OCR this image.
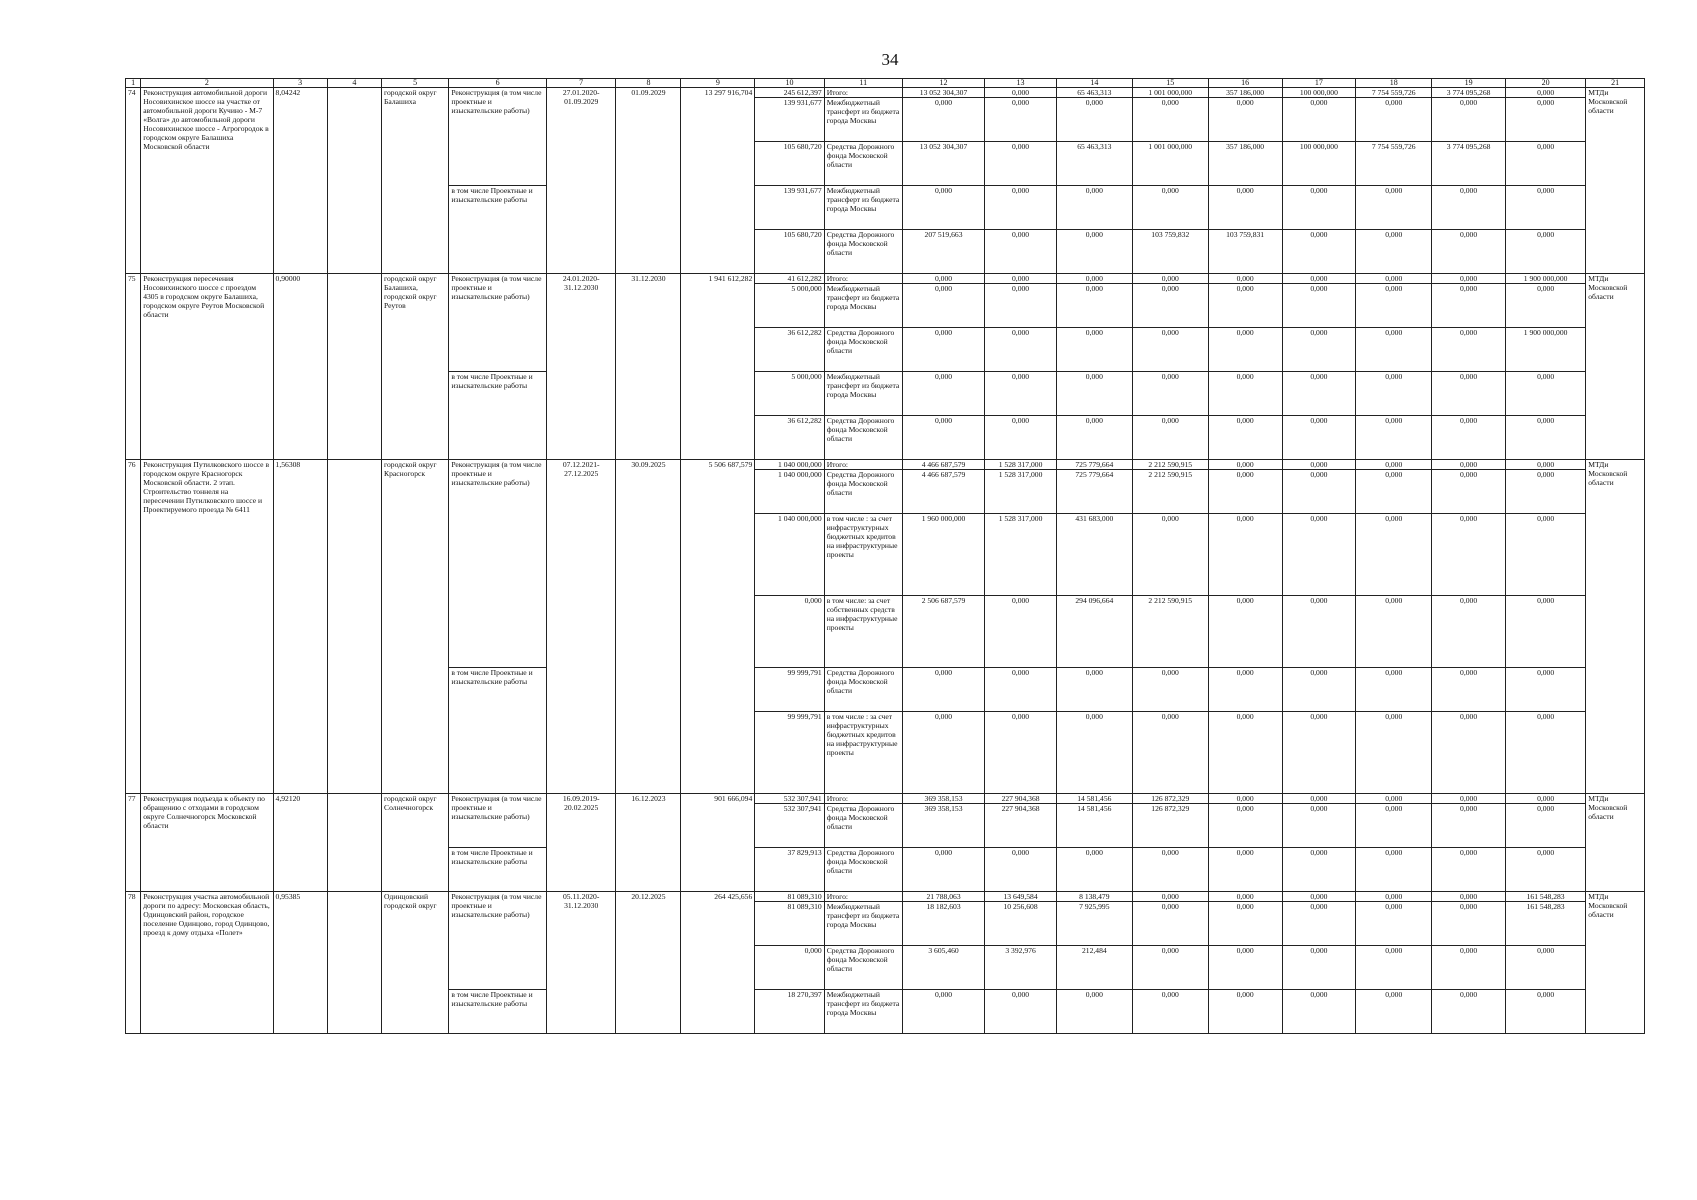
34
1	2	3	4	5	6	7	8	9	10	11	12	13	14	15	16	17	18	19	20	21
74	Реконструкция автомобильной дороги Носовихинское шоссе на участке от автомобильной дороги Кучино - М-7 «Волга» до автомобильной дороги Носовихинское шоссе - Агрогородок в городском округе Балашиха Московской области	8,04242		городской округ Балашиха	Реконструкция (в том числе проектные и изыскательские работы)	27.01.2020-01.09.2029	01.09.2029	13 297 916,704	245 612,397	Итого:	13 052 304,307	0,000	65 463,313	1 001 000,000	357 186,000	100 000,000	7 754 559,726	3 774 095,268	0,000	МТДи Московской области
									139 931,677	Межбюджетный трансферт из бюджета города Москвы	0,000	0,000	0,000	0,000	0,000	0,000	0,000	0,000	0,000	
									105 680,720	Средства Дорожного фонда Московской области	13 052 304,307	0,000	65 463,313	1 001 000,000	357 186,000	100 000,000	7 754 559,726	3 774 095,268	0,000	
					в том числе Проектные и изыскательские работы				139 931,677	Межбюджетный трансферт из бюджета города Москвы	0,000	0,000	0,000	0,000	0,000	0,000	0,000	0,000	0,000	
									105 680,720	Средства Дорожного фонда Московской области	207 519,663	0,000	0,000	103 759,832	103 759,831	0,000	0,000	0,000	0,000	
75	Реконструкция пересечения Носовихинского шоссе с проездом 4305 в городском округе Балашиха, городском округе Реутов Московской области	0,90000		городской округ Балашиха, городской округ Реутов	Реконструкция (в том числе проектные и изыскательские работы)	24.01.2020-31.12.2030	31.12.2030	1 941 612,282	41 612,282	Итого:	0,000	0,000	0,000	0,000	0,000	0,000	0,000	0,000	1 900 000,000	МТДи Московской области
									5 000,000	Межбюджетный трансферт из бюджета города Москвы	0,000	0,000	0,000	0,000	0,000	0,000	0,000	0,000	0,000	
									36 612,282	Средства Дорожного фонда Московской области	0,000	0,000	0,000	0,000	0,000	0,000	0,000	0,000	1 900 000,000	
					в том числе Проектные и изыскательские работы				5 000,000	Межбюджетный трансферт из бюджета города Москвы	0,000	0,000	0,000	0,000	0,000	0,000	0,000	0,000	0,000	
									36 612,282	Средства Дорожного фонда Московской области	0,000	0,000	0,000	0,000	0,000	0,000	0,000	0,000	0,000	
76	Реконструкция Путилковского шоссе в городском округе Красногорск Московской области. 2 этап. Строительство тоннеля на пересечении Путилковского шоссе и Проектируемого проезда № 6411	1,56308		городской округ Красногорск	Реконструкция (в том числе проектные и изыскательские работы)	07.12.2021-27.12.2025	30.09.2025	5 506 687,579	1 040 000,000	Итого:	4 466 687,579	1 528 317,000	725 779,664	2 212 590,915	0,000	0,000	0,000	0,000	0,000	МТДи Московской области
									1 040 000,000	Средства Дорожного фонда Московской области	4 466 687,579	1 528 317,000	725 779,664	2 212 590,915	0,000	0,000	0,000	0,000	0,000	
									1 040 000,000	в том числе : за счет инфраструктурных бюджетных кредитов на инфраструктурные проекты	1 960 000,000	1 528 317,000	431 683,000	0,000	0,000	0,000	0,000	0,000	0,000	
									0,000	в том числе: за счет собственных средств на инфраструктурные проекты	2 506 687,579	0,000	294 096,664	2 212 590,915	0,000	0,000	0,000	0,000	0,000	
					в том числе Проектные и изыскательские работы				99 999,791	Средства Дорожного фонда Московской области	0,000	0,000	0,000	0,000	0,000	0,000	0,000	0,000	0,000	
									99 999,791	в том числе : за счет инфраструктурных бюджетных кредитов на инфраструктурные проекты	0,000	0,000	0,000	0,000	0,000	0,000	0,000	0,000	0,000	
77	Реконструкция подъезда к объекту по обращению с отходами в городском округе Солнечногорск Московской области	4,92120		городской округ Солнечногорск	Реконструкция (в том числе проектные и изыскательские работы)	16.09.2019-20.02.2025	16.12.2023	901 666,094	532 307,941	Итого:	369 358,153	227 904,368	14 581,456	126 872,329	0,000	0,000	0,000	0,000	0,000	МТДи Московской области
									532 307,941	Средства Дорожного фонда Московской области	369 358,153	227 904,368	14 581,456	126 872,329	0,000	0,000	0,000	0,000	0,000	
					в том числе Проектные и изыскательские работы				37 829,913	Средства Дорожного фонда Московской области	0,000	0,000	0,000	0,000	0,000	0,000	0,000	0,000	0,000	
78	Реконструкция участка автомобильной дороги по адресу: Московская область, Одинцовский район, городское поселение Одинцово, город Одинцово, проезд к дому отдыха «Полет»	0,95385		Одинцовский городской округ	Реконструкция (в том числе проектные и изыскательские работы)	05.11.2020-31.12.2030	20.12.2025	264 425,656	81 089,310	Итого:	21 788,063	13 649,584	8 138,479	0,000	0,000	0,000	0,000	0,000	161 548,283	МТДи Московской области
									81 089,310	Межбюджетный трансферт из бюджета города Москвы	18 182,603	10 256,608	7 925,995	0,000	0,000	0,000	0,000	0,000	161 548,283	
									0,000	Средства Дорожного фонда Московской области	3 605,460	3 392,976	212,484	0,000	0,000	0,000	0,000	0,000	0,000	
					в том числе Проектные и изыскательские работы				18 270,397	Межбюджетный трансферт из бюджета города Москвы	0,000	0,000	0,000	0,000	0,000	0,000	0,000	0,000	0,000	
